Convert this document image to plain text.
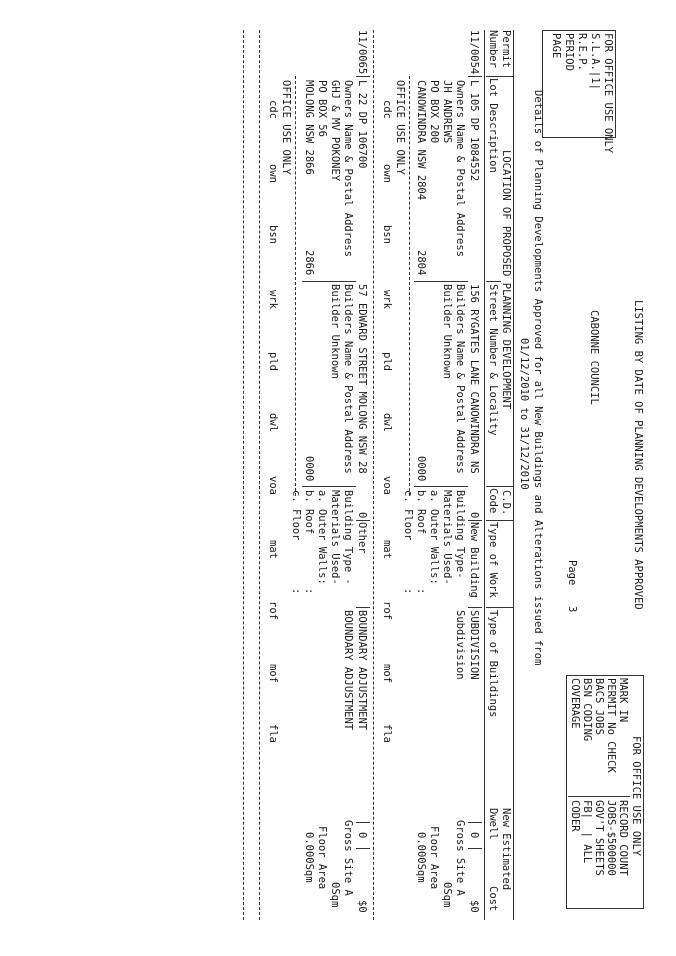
FOR OFFICE USE ONLY
S.L.A.|1|
R.E.P.
PERIOD
PAGE
LISTING BY DATE OF PLANNING DEVELOPMENTS APPROVED
CABONNE COUNCIL
Page
3
FOR OFFICE USE ONLY
MARK IN
PERMIT No CHECK
BACS JOBS
BSN CODING
COVERAGE
RECORD COUNT
JOBS-$500000
GOV'T SHEETS
FB|  | ALL
CODER
Details of Planning Developments Approved for all New Buildings and Alterations issued from
01/12/2010 to 31/12/2010
Permit
Number
LOCATION OF PROPOSED PLANNING DEVELOPMENT
Lot Description
Street Number & Locality
C.D.
Code
Type of Work
Type of Buildings
New Estimated
Dwell
Cost
11/0054
L 105 DP 1084552
156 RYGATES LANE CANOWINDRA NS
0
New Building
SUBDIVISION
0
$0
Owners Name & Postal Address
JH ANDREWS
PO BOX 200
CANOWINDRA NSW 2804
2804
Builders Name & Postal Address
Builder Unknown
0000
Building Type-
Materials Used-
a. Outer Walls:
b. Roof
c. Floor
:
:
Subdivision
Gross Site A
0Sqm
Floor Area
0.000Sqm
OFFICE USE ONLY
cdc
own
bsn
wrk
pld
dwl
voa
mat
rof
mof
fla
11/0065
L 22 DP 106700
57 EDWARD STREET MOLONG NSW 28
0
Other
BOUNDARY ADJUSTMENT
0
$0
Owners Name & Postal Address
GHJ & MV POKONEY
PO BOX 56
MOLONG NSW 2866
2866
Builders Name & Postal Address
Builder Unknown
0000
Building Type -
Materials Used-
a. Outer Walls:
b. Roof
c. Floor
:
:
BOUNDARY ADJUSTMENT
Gross Site A
0Sqm
Floor Area
0.000Sqm
OFFICE USE ONLY
cdc
own
bsn
wrk
pld
dwl
voa
mat
rof
mof
fla
